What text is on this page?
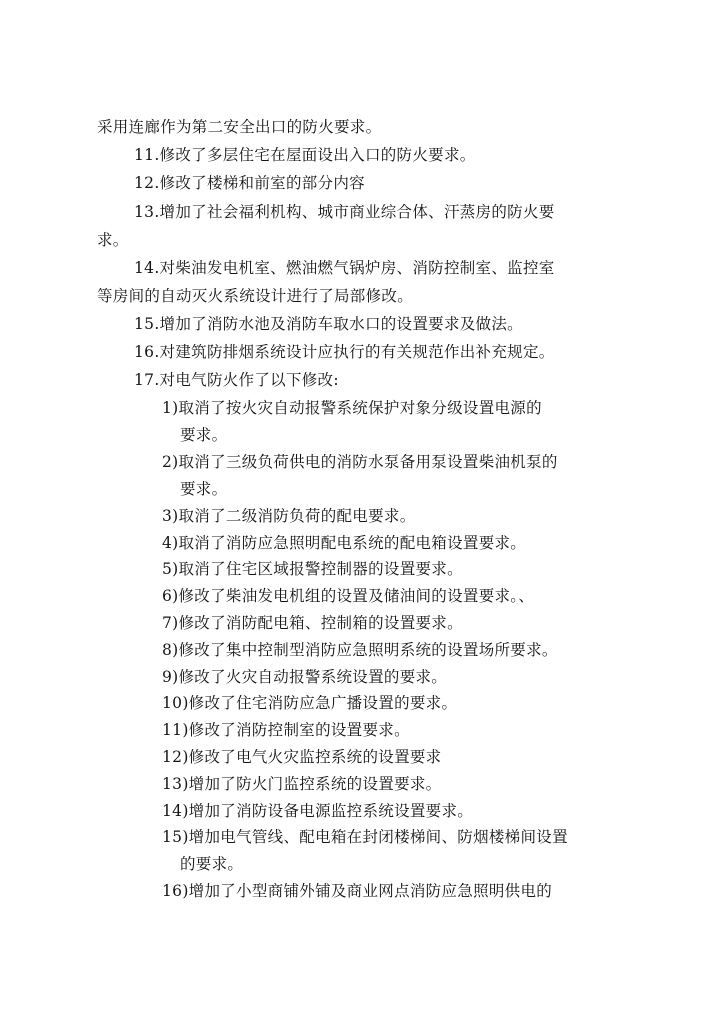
采用连廊作为第二安全出口的防火要求。
11.修改了多层住宅在屋面设出入口的防火要求。
12.修改了楼梯和前室的部分内容
13.增加了社会福利机构、城市商业综合体、汗蒸房的防火要
求。
14.对柴油发电机室、燃油燃气锅炉房、消防控制室、监控室
等房间的自动灭火系统设计进行了局部修改。
15.增加了消防水池及消防车取水口的设置要求及做法。
16.对建筑防排烟系统设计应执行的有关规范作出补充规定。
17.对电气防火作了以下修改:
1)取消了按火灾自动报警系统保护对象分级设置电源的
要求。
2)取消了三级负荷供电的消防水泵备用泵设置柴油机泵的
要求。
3)取消了二级消防负荷的配电要求。
4)取消了消防应急照明配电系统的配电箱设置要求。
5)取消了住宅区域报警控制器的设置要求。
6)修改了柴油发电机组的设置及储油间的设置要求。、
7)修改了消防配电箱、控制箱的设置要求。
8)修改了集中控制型消防应急照明系统的设置场所要求。
9)修改了火灾自动报警系统设置的要求。
10)修改了住宅消防应急广播设置的要求。
11)修改了消防控制室的设置要求。
12)修改了电气火灾监控系统的设置要求
13)增加了防火门监控系统的设置要求。
14)增加了消防设备电源监控系统设置要求。
15)增加电气管线、配电箱在封闭楼梯间、防烟楼梯间设置
的要求。
16)增加了小型商铺外铺及商业网点消防应急照明供电的
